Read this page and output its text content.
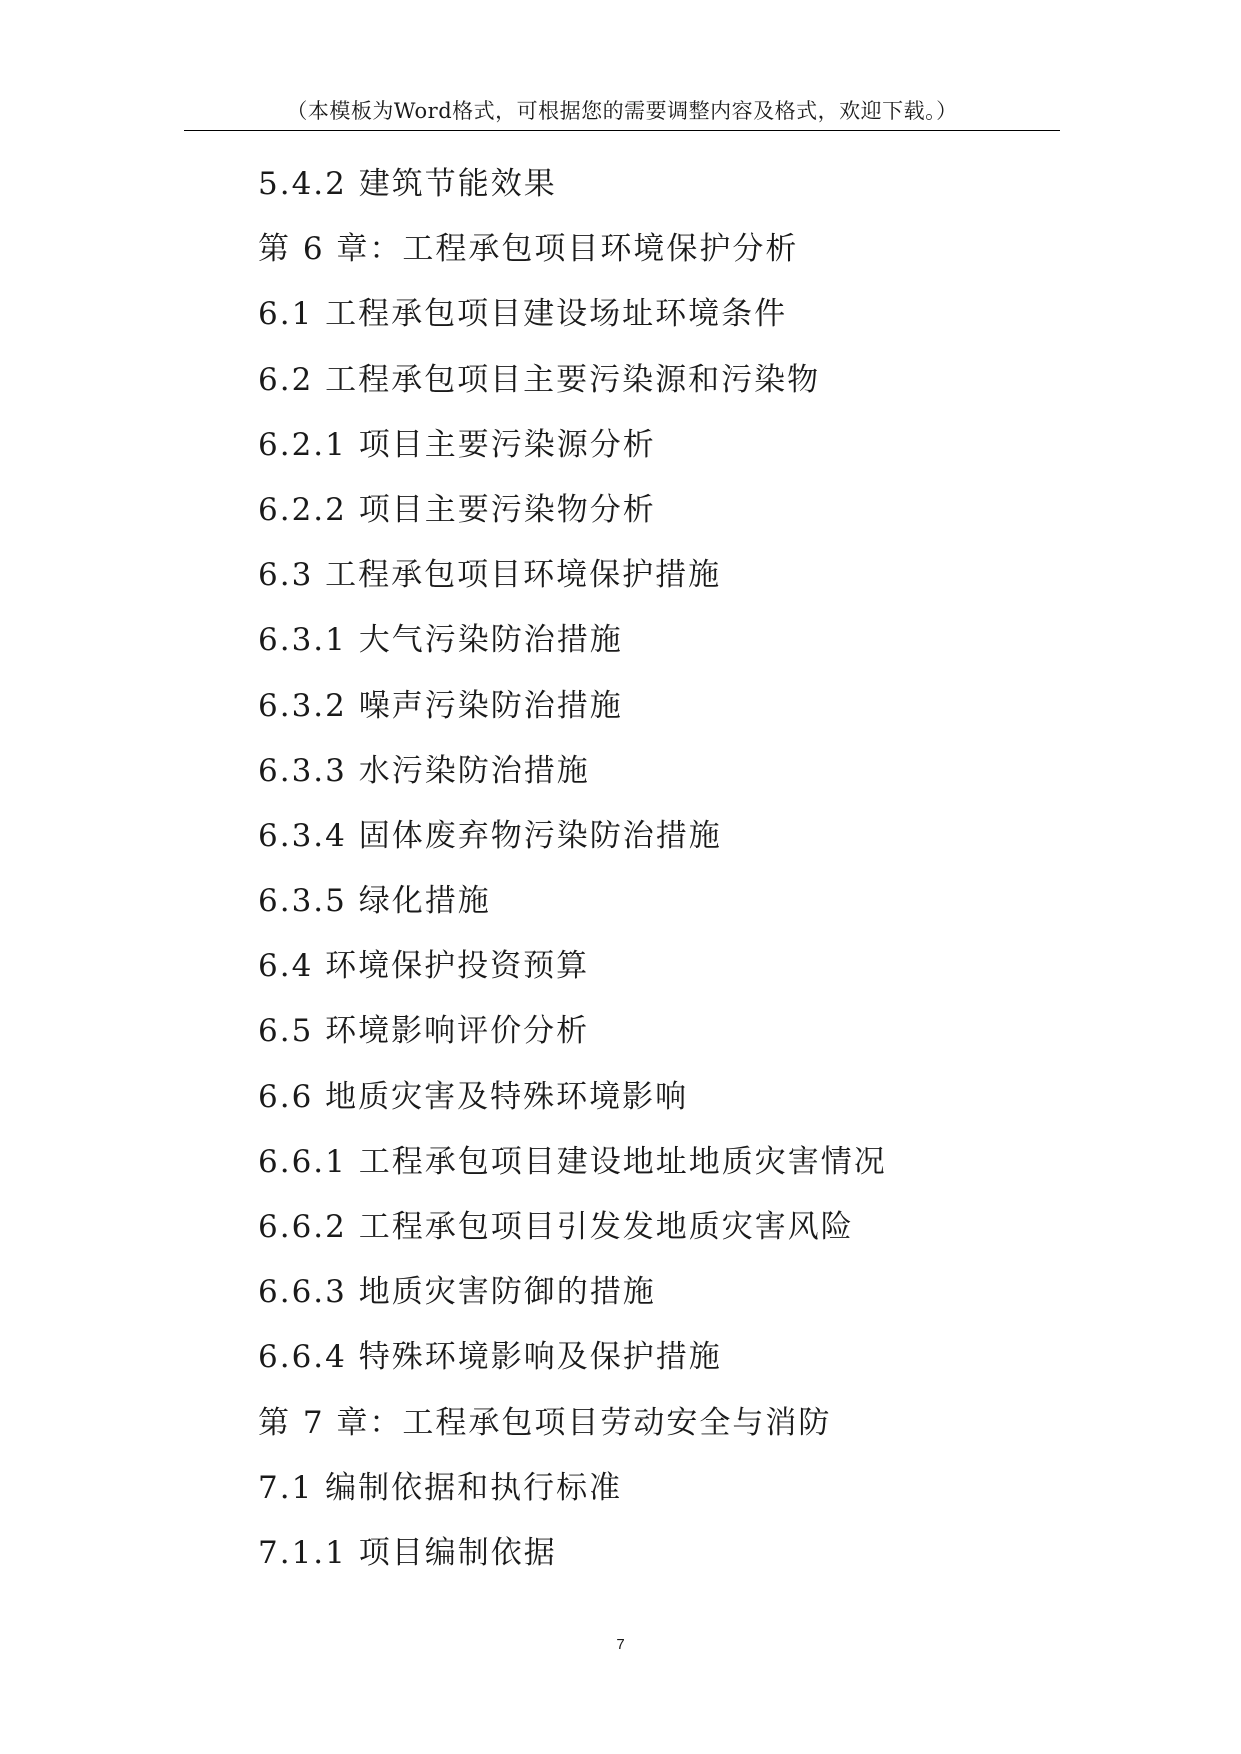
（本模板为Word格式，可根据您的需要调整内容及格式，欢迎下载。）
5.4.2 建筑节能效果
第 6 章：工程承包项目环境保护分析
6.1 工程承包项目建设场址环境条件
6.2 工程承包项目主要污染源和污染物
6.2.1 项目主要污染源分析
6.2.2 项目主要污染物分析
6.3 工程承包项目环境保护措施
6.3.1 大气污染防治措施
6.3.2 噪声污染防治措施
6.3.3 水污染防治措施
6.3.4 固体废弃物污染防治措施
6.3.5 绿化措施
6.4 环境保护投资预算
6.5 环境影响评价分析
6.6 地质灾害及特殊环境影响
6.6.1 工程承包项目建设地址地质灾害情况
6.6.2 工程承包项目引发发地质灾害风险
6.6.3 地质灾害防御的措施
6.6.4 特殊环境影响及保护措施
第 7 章：工程承包项目劳动安全与消防
7.1 编制依据和执行标准
7.1.1 项目编制依据
7
